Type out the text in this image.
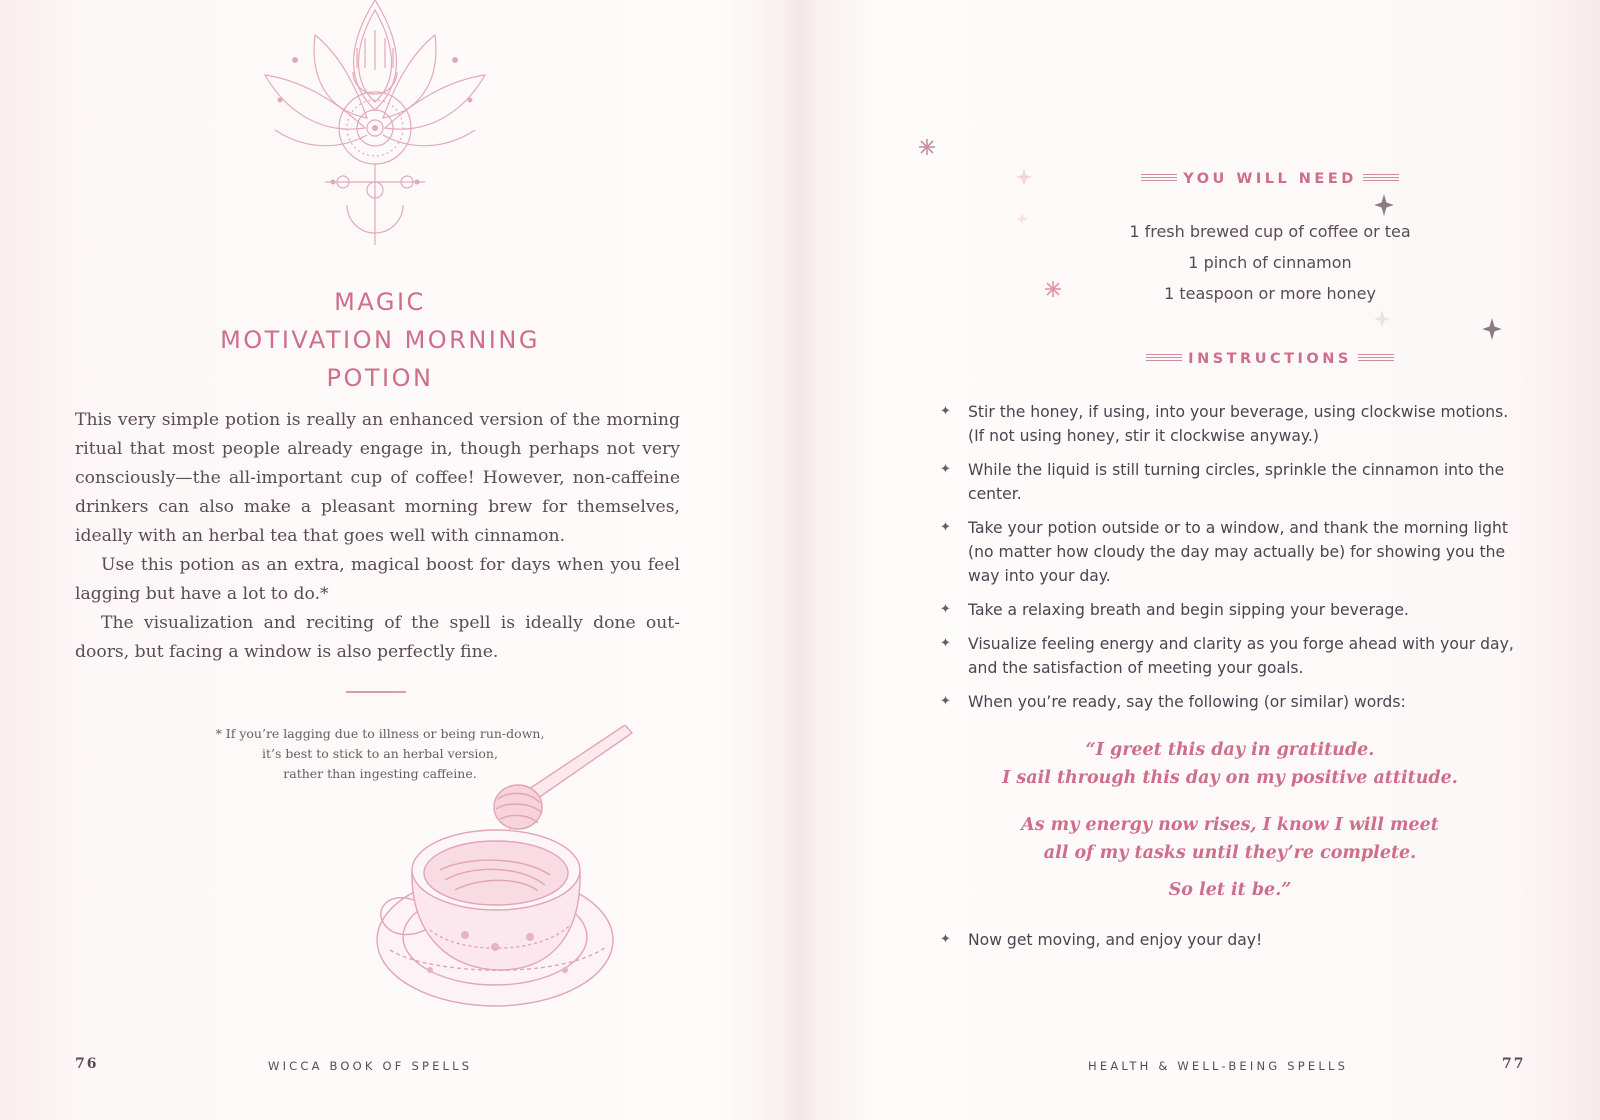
MAGIC
MOTIVATION MORNING
POTION

This very simple potion is really an enhanced version of the morning ritual that most people already engage in, though perhaps not very consciously—the all-important cup of coffee! However, non-caffeine drinkers can also make a pleasant morning brew for themselves, ideally with an herbal tea that goes well with cinnamon.

Use this potion as an extra, magical boost for days when you feel lagging but have a lot to do.*

The visualization and reciting of the spell is ideally done outdoors, but facing a window is also perfectly fine.

* If you’re lagging due to illness or being run-down,
it’s best to stick to an herbal version,
rather than ingesting caffeine.
76	WICCA BOOK OF SPELLS
YOU WILL NEED
1 fresh brewed cup of coffee or tea
1 pinch of cinnamon
1 teaspoon or more honey
INSTRUCTIONS
✦ Stir the honey, if using, into your beverage, using clockwise motions. (If not using honey, stir it clockwise anyway.)
✦ While the liquid is still turning circles, sprinkle the cinnamon into the center.
✦ Take your potion outside or to a window, and thank the morning light (no matter how cloudy the day may actually be) for showing you the way into your day.
✦ Take a relaxing breath and begin sipping your beverage.
✦ Visualize feeling energy and clarity as you forge ahead with your day, and the satisfaction of meeting your goals.
✦ When you’re ready, say the following (or similar) words:
“I greet this day in gratitude.
I sail through this day on my positive attitude.
As my energy now rises, I know I will meet
all of my tasks until they’re complete.
So let it be.”
✦ Now get moving, and enjoy your day!
HEALTH & WELL-BEING SPELLS	77
